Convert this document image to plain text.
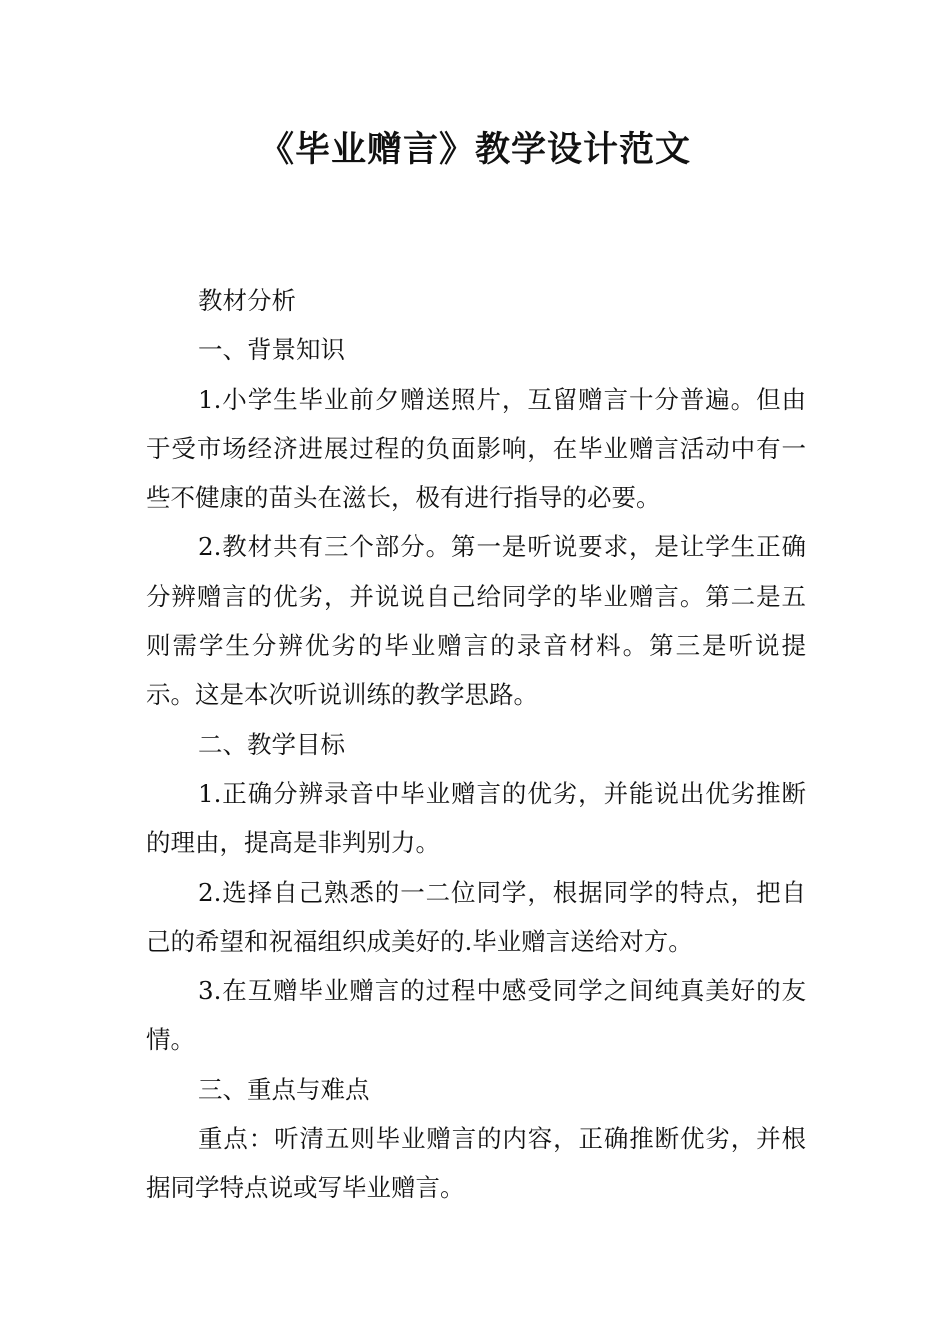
《毕业赠言》教学设计范文

教材分析

一、背景知识

1.小学生毕业前夕赠送照片，互留赠言十分普遍。但由于受市场经济进展过程的负面影响，在毕业赠言活动中有一些不健康的苗头在滋长，极有进行指导的必要。

2.教材共有三个部分。第一是听说要求，是让学生正确分辨赠言的优劣，并说说自己给同学的毕业赠言。第二是五则需学生分辨优劣的毕业赠言的录音材料。第三是听说提示。这是本次听说训练的教学思路。

二、教学目标

1.正确分辨录音中毕业赠言的优劣，并能说出优劣推断的理由，提高是非判别力。

2.选择自己熟悉的一二位同学，根据同学的特点，把自己的希望和祝福组织成美好的.毕业赠言送给对方。

3.在互赠毕业赠言的过程中感受同学之间纯真美好的友情。

三、重点与难点

重点：听清五则毕业赠言的内容，正确推断优劣，并根据同学特点说或写毕业赠言。
